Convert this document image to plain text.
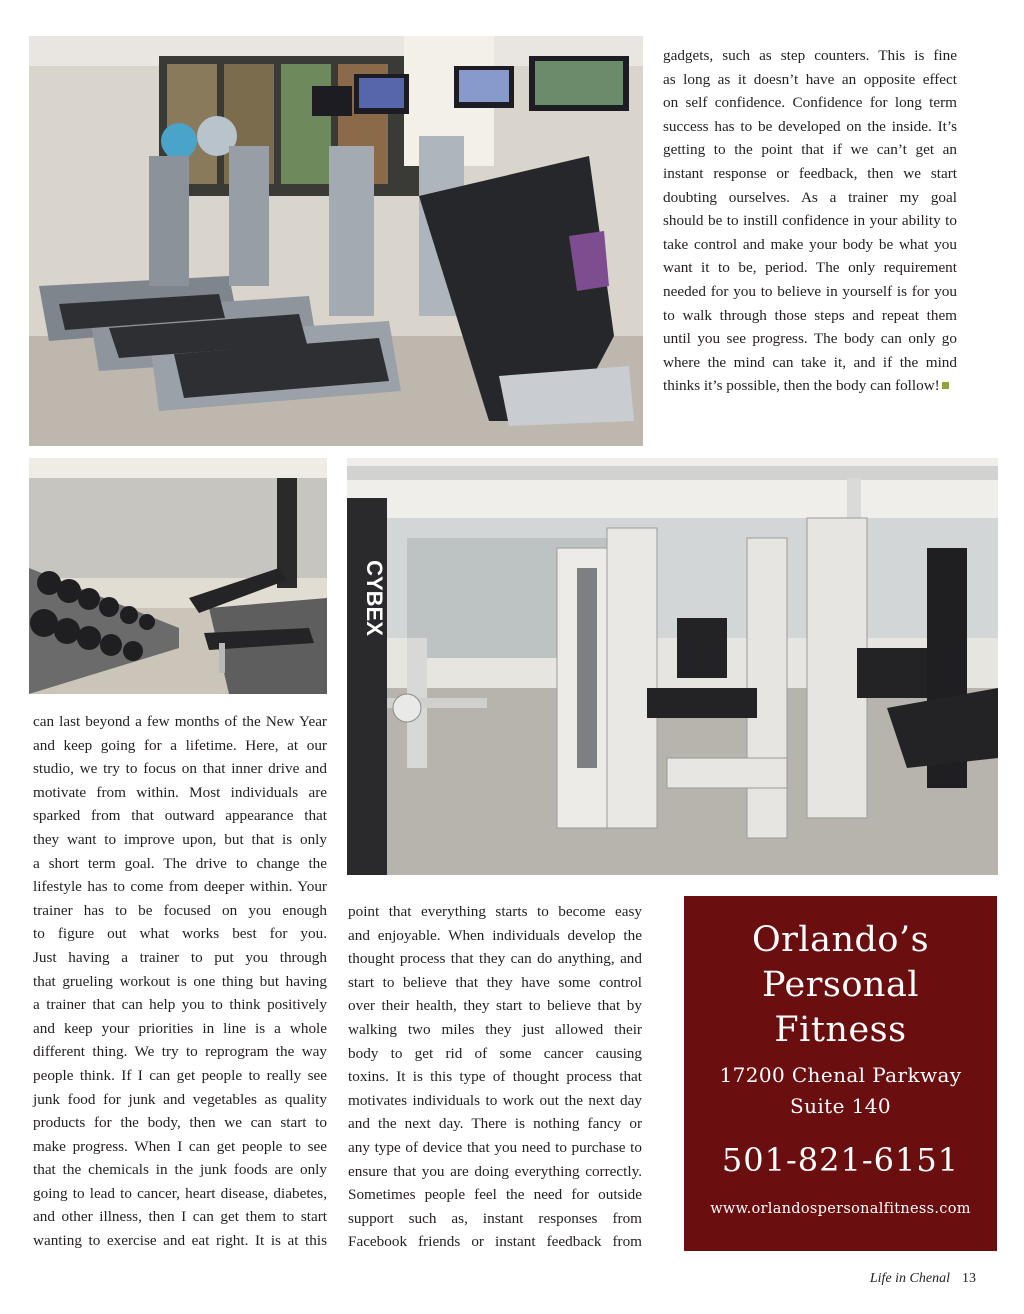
CYBEX
gadgets, such as step counters. This is fine
as long as it doesn’t have an opposite effect
on self confidence. Confidence for long term
success has to be developed on the inside. It’s
getting to the point that if we can’t get an
instant response or feedback, then we start
doubting ourselves. As a trainer my goal
should be to instill confidence in your ability to
take control and make your body be what you
want it to be, period. The only requirement
needed for you to believe in yourself is for you
to walk through those steps and repeat them
until you see progress. The body can only go
where the mind can take it, and if the mind
thinks it’s possible, then the body can follow!
can last beyond a few months of the New Year
and keep going for a lifetime. Here, at our
studio, we try to focus on that inner drive and
motivate from within. Most individuals are
sparked from that outward appearance that
they want to improve upon, but that is only
a short term goal. The drive to change the
lifestyle has to come from deeper within. Your
trainer has to be focused on you enough
to figure out what works best for you.
Just having a trainer to put you through
that grueling workout is one thing but having
a trainer that can help you to think positively
and keep your priorities in line is a whole
different thing. We try to reprogram the way
people think. If I can get people to really see
junk food for junk and vegetables as quality
products for the body, then we can start to
make progress. When I can get people to see
that the chemicals in the junk foods are only
going to lead to cancer, heart disease, diabetes,
and other illness, then I can get them to start
wanting to exercise and eat right. It is at this
point that everything starts to become easy
and enjoyable. When individuals develop the
thought process that they can do anything, and
start to believe that they have some control
over their health, they start to believe that by
walking two miles they just allowed their
body to get rid of some cancer causing
toxins. It is this type of thought process that
motivates individuals to work out the next day
and the next day. There is nothing fancy or
any type of device that you need to purchase to
ensure that you are doing everything correctly.
Sometimes people feel the need for outside
support such as, instant responses from
Facebook friends or instant feedback from
Orlando’s
Personal
Fitness
17200 Chenal Parkway
Suite 140
501-821-6151
www.orlandospersonalfitness.com
Life in Chenal 13
